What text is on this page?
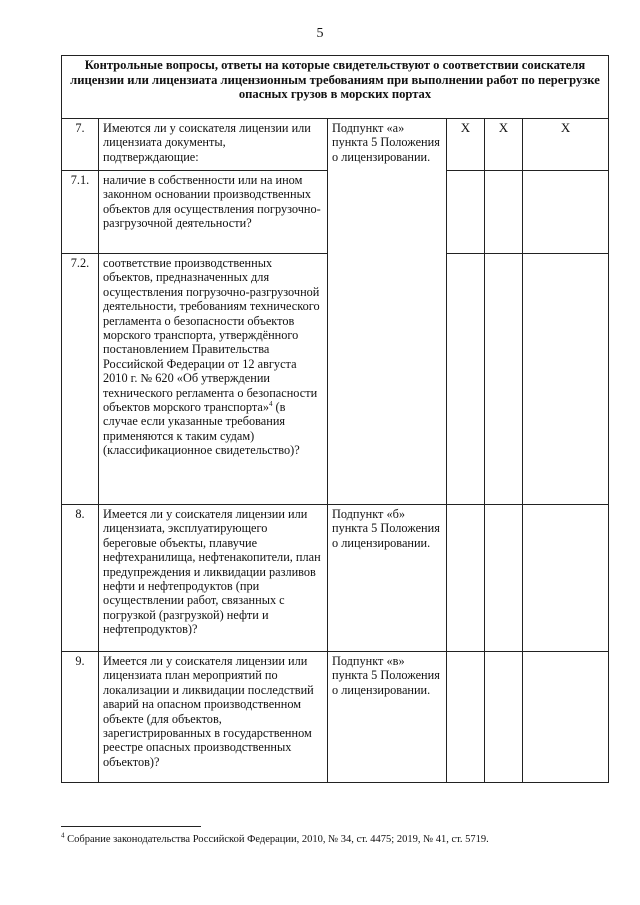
5
Контрольные вопросы, ответы на которые свидетельствуют о соответствии соискателя лицензии или лицензиата лицензионным требованиям при выполнении работ по перегрузке опасных грузов в морских портах					
7.	Имеются ли у соискателя лицензии или лицензиата документы, подтверждающие:	Подпункт «а» пункта 5 Положения о лицензировании.	X	X	X
7.1.	наличие в собственности или на ином законном основании производственных объектов для осуществления погрузочно-разгрузочной деятельности?				
7.2.	соответствие производственных объектов, предназначенных для осуществления погрузочно-разгрузочной деятельности, требованиям технического регламента о безопасности объектов морского транспорта, утверждённого постановлением Правительства Российской Федерации от 12 августа 2010 г. № 620 «Об утверждении технического регламента о безопасности объектов морского транспорта»$^4$ (в случае если указанные требования применяются к таким судам) (классификационное свидетельство)?				
8.	Имеется ли у соискателя лицензии или лицензиата, эксплуатирующего береговые объекты, плавучие нефтехранилища, нефтенакопители, план предупреждения и ликвидации разливов нефти и нефтепродуктов (при осуществлении работ, связанных с погрузкой (разгрузкой) нефти и нефтепродуктов)?	Подпункт «б» пункта 5 Положения о лицензировании.			
9.	Имеется ли у соискателя лицензии или лицензиата план мероприятий по локализации и ликвидации последствий аварий на опасном производственном объекте (для объектов, зарегистрированных в государственном реестре опасных производственных объектов)?	Подпункт «в» пункта 5 Положения о лицензировании.			
$^4$ Собрание законодательства Российской Федерации, 2010, № 34, ст. 4475; 2019, № 41, ст. 5719.
